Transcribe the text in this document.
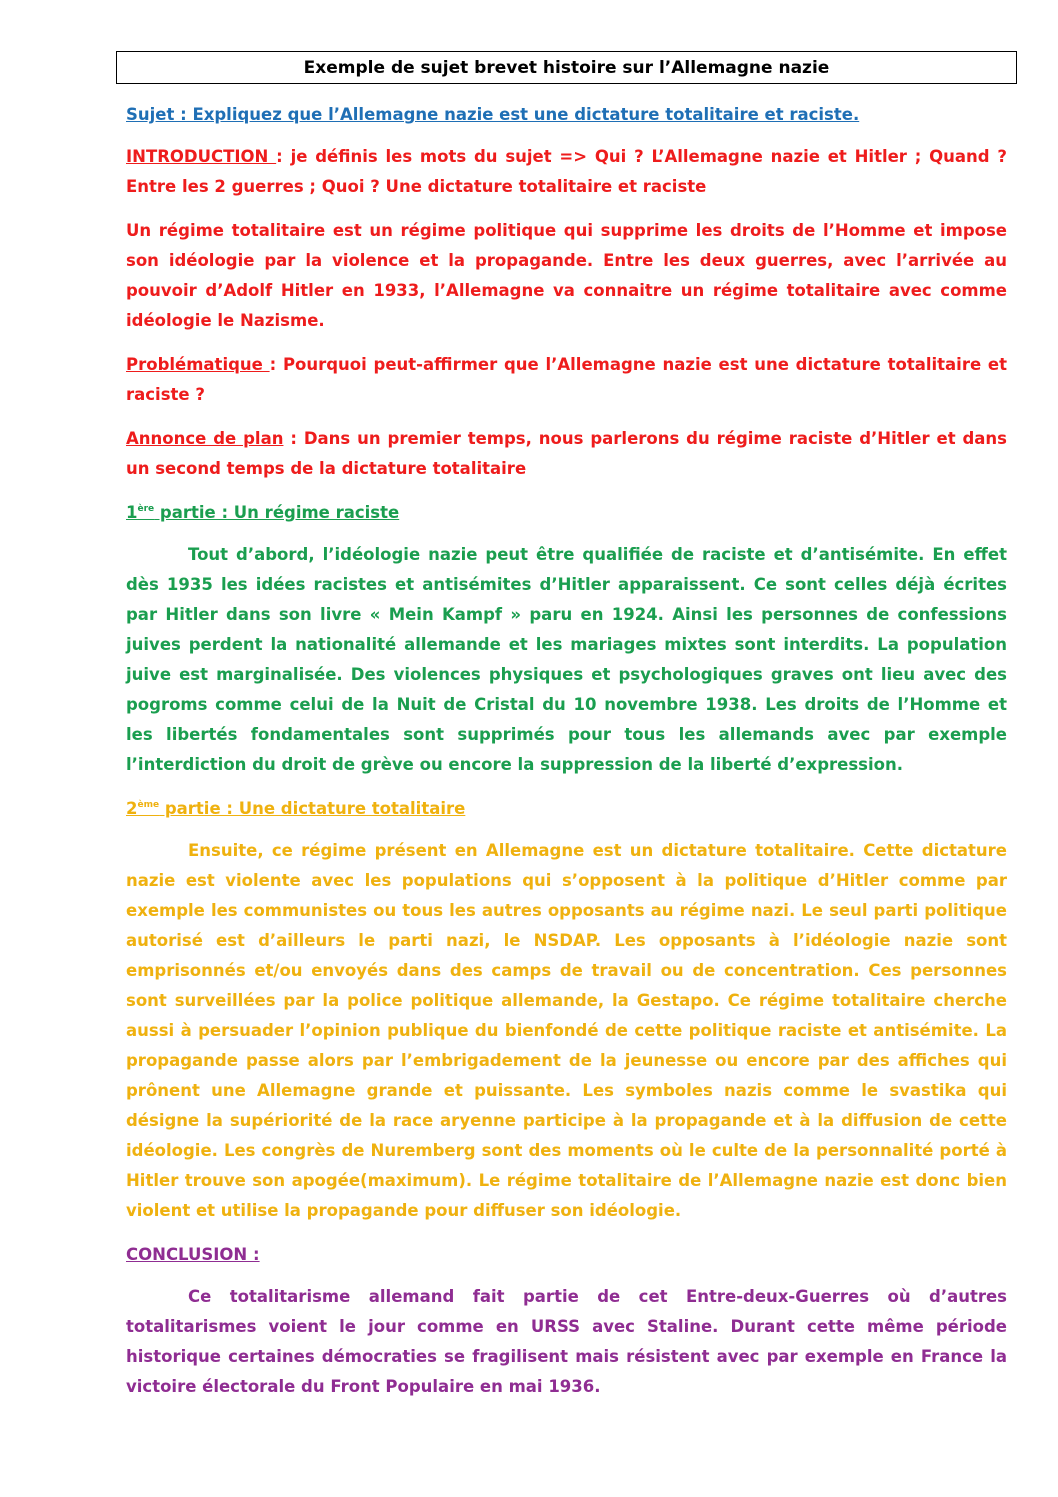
Exemple de sujet brevet histoire sur l’Allemagne nazie

Sujet : Expliquez que l’Allemagne nazie est une dictature totalitaire et raciste.

INTRODUCTION : je définis les mots du sujet => Qui ? L’Allemagne nazie et Hitler ; Quand ? Entre les 2 guerres ; Quoi ? Une dictature totalitaire et raciste

Un régime totalitaire est un régime politique qui supprime les droits de l’Homme et impose son idéologie par la violence et la propagande. Entre les deux guerres, avec l’arrivée au pouvoir d’Adolf Hitler en 1933, l’Allemagne va connaitre un régime totalitaire avec comme idéologie le Nazisme.

Problématique : Pourquoi peut-affirmer que l’Allemagne nazie est une dictature totalitaire et raciste ?

Annonce de plan : Dans un premier temps, nous parlerons du régime raciste d’Hitler et dans un second temps de la dictature totalitaire

1ère partie : Un régime raciste

Tout d’abord, l’idéologie nazie peut être qualifiée de raciste et d’antisémite. En effet dès 1935 les idées racistes et antisémites d’Hitler apparaissent. Ce sont celles déjà écrites par Hitler dans son livre « Mein Kampf » paru en 1924. Ainsi les personnes de confessions juives perdent la nationalité allemande et les mariages mixtes sont interdits. La population juive est marginalisée. Des violences physiques et psychologiques graves ont lieu avec des pogroms comme celui de la Nuit de Cristal du 10 novembre 1938. Les droits de l’Homme et les libertés fondamentales sont supprimés pour tous les allemands avec par exemple l’interdiction du droit de grève ou encore la suppression de la liberté d’expression.

2ème partie : Une dictature totalitaire

Ensuite, ce régime présent en Allemagne est un dictature totalitaire. Cette dictature nazie est violente avec les populations qui s’opposent à la politique d’Hitler comme par exemple les communistes ou tous les autres opposants au régime nazi. Le seul parti politique autorisé est d’ailleurs le parti nazi, le NSDAP. Les opposants à l’idéologie nazie sont emprisonnés et/ou envoyés dans des camps de travail ou de concentration. Ces personnes sont surveillées par la police politique allemande, la Gestapo. Ce régime totalitaire cherche aussi à persuader l’opinion publique du bienfondé de cette politique raciste et antisémite. La propagande passe alors par l’embrigadement de la jeunesse ou encore par des affiches qui prônent une Allemagne grande et puissante. Les symboles nazis comme le svastika qui désigne la supériorité de la race aryenne participe à la propagande et à la diffusion de cette idéologie. Les congrès de Nuremberg sont des moments où le culte de la personnalité porté à Hitler trouve son apogée(maximum). Le régime totalitaire de l’Allemagne nazie est donc bien violent et utilise la propagande pour diffuser son idéologie.

CONCLUSION :

Ce totalitarisme allemand fait partie de cet Entre-deux-Guerres où d’autres totalitarismes voient le jour comme en URSS avec Staline. Durant cette même période historique certaines démocraties se fragilisent mais résistent avec par exemple en France la victoire électorale du Front Populaire en mai 1936.
